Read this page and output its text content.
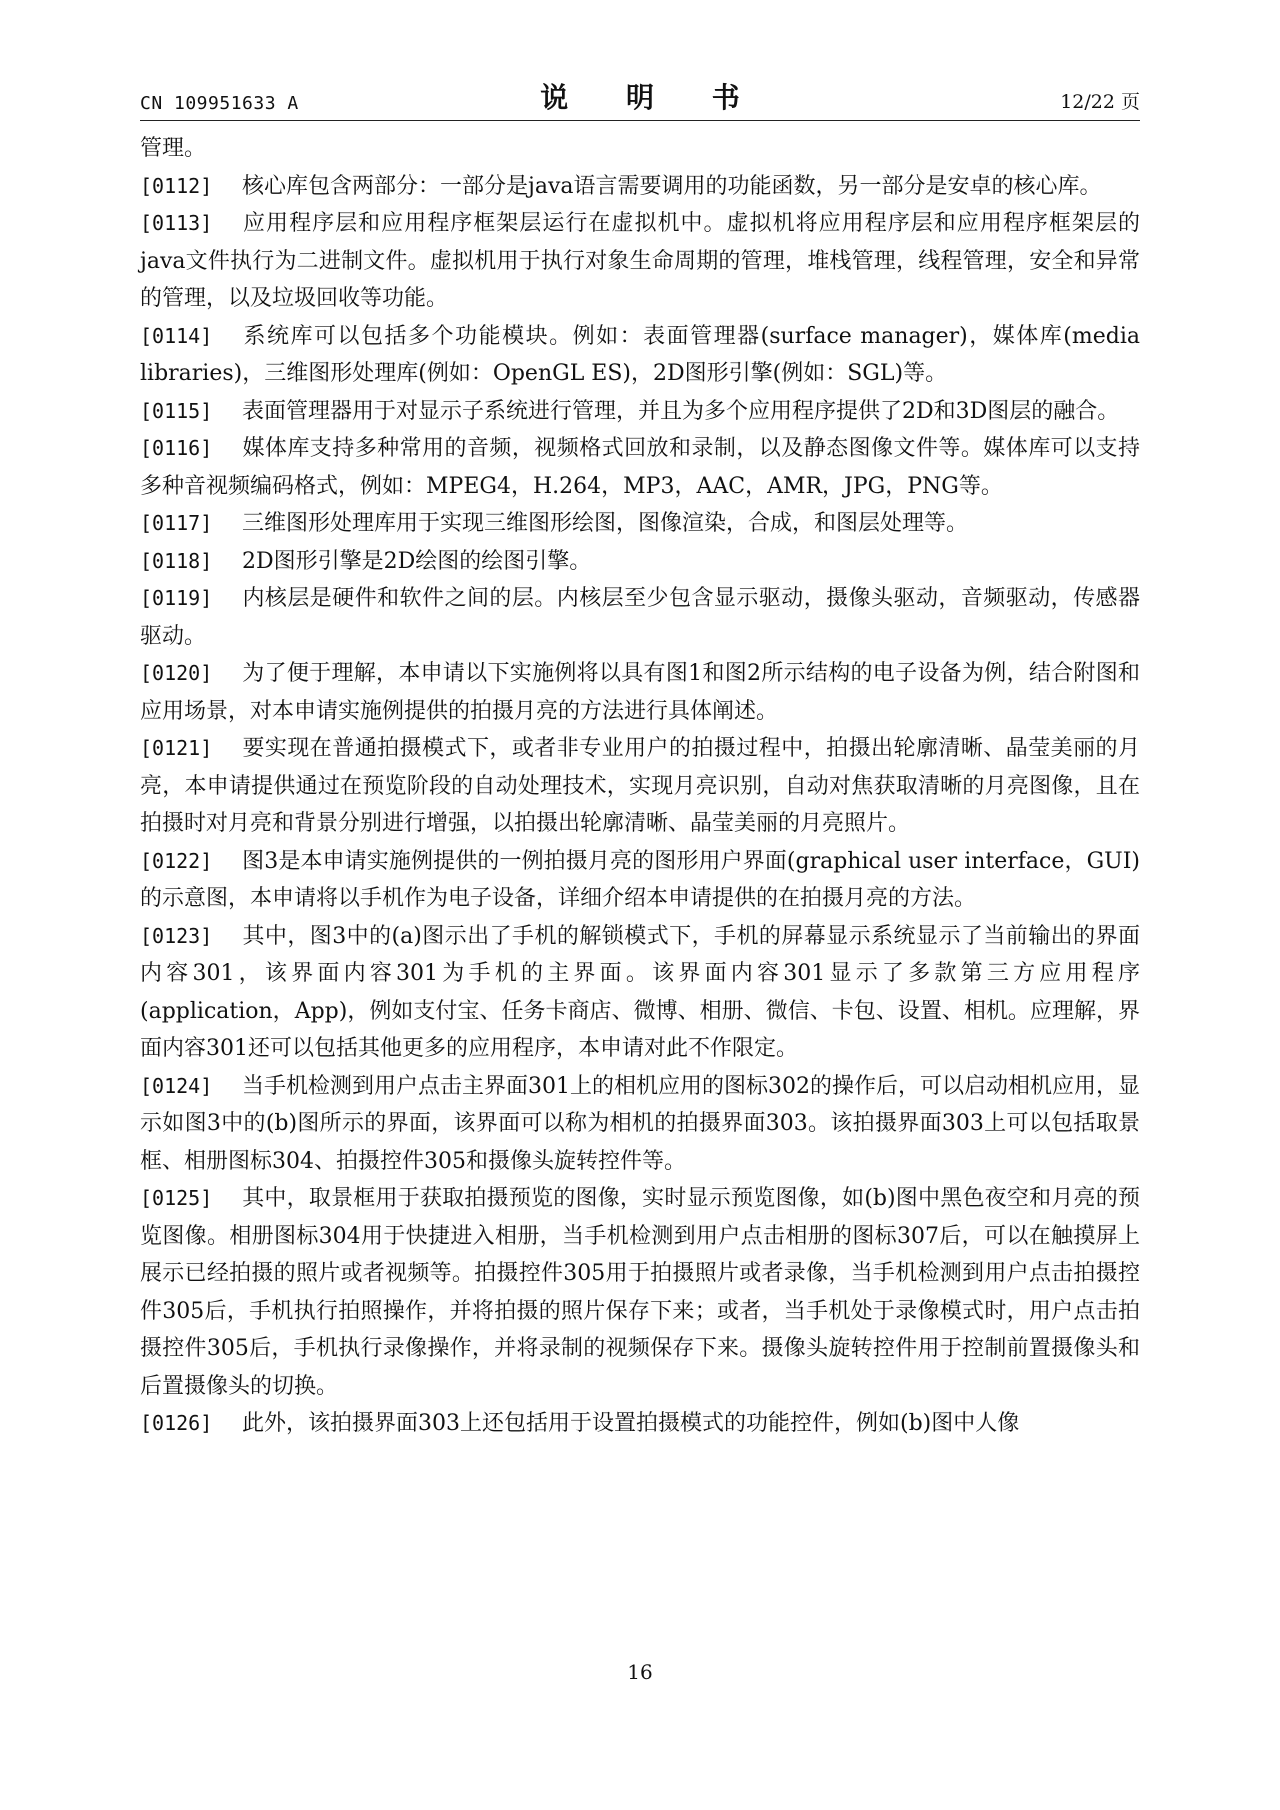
CN 109951633 A	说 明 书	12/22 页
管理。
[0112] 核心库包含两部分：一部分是java语言需要调用的功能函数，另一部分是安卓的核心库。
[0113] 应用程序层和应用程序框架层运行在虚拟机中。虚拟机将应用程序层和应用程序框架层的java文件执行为二进制文件。虚拟机用于执行对象生命周期的管理，堆栈管理，线程管理，安全和异常的管理，以及垃圾回收等功能。
[0114] 系统库可以包括多个功能模块。例如：表面管理器(surface manager)，媒体库(media libraries)，三维图形处理库(例如：OpenGL ES)，2D图形引擎(例如：SGL)等。
[0115] 表面管理器用于对显示子系统进行管理，并且为多个应用程序提供了2D和3D图层的融合。
[0116] 媒体库支持多种常用的音频，视频格式回放和录制，以及静态图像文件等。媒体库可以支持多种音视频编码格式，例如：MPEG4，H.264，MP3，AAC，AMR，JPG，PNG等。
[0117] 三维图形处理库用于实现三维图形绘图，图像渲染，合成，和图层处理等。
[0118] 2D图形引擎是2D绘图的绘图引擎。
[0119] 内核层是硬件和软件之间的层。内核层至少包含显示驱动，摄像头驱动，音频驱动，传感器驱动。
[0120] 为了便于理解，本申请以下实施例将以具有图1和图2所示结构的电子设备为例，结合附图和应用场景，对本申请实施例提供的拍摄月亮的方法进行具体阐述。
[0121] 要实现在普通拍摄模式下，或者非专业用户的拍摄过程中，拍摄出轮廓清晰、晶莹美丽的月亮，本申请提供通过在预览阶段的自动处理技术，实现月亮识别，自动对焦获取清晰的月亮图像，且在拍摄时对月亮和背景分别进行增强，以拍摄出轮廓清晰、晶莹美丽的月亮照片。
[0122] 图3是本申请实施例提供的一例拍摄月亮的图形用户界面(graphical user interface，GUI)的示意图，本申请将以手机作为电子设备，详细介绍本申请提供的在拍摄月亮的方法。
[0123] 其中，图3中的(a)图示出了手机的解锁模式下，手机的屏幕显示系统显示了当前输出的界面内容301，该界面内容301为手机的主界面。该界面内容301显示了多款第三方应用程序(application，App)，例如支付宝、任务卡商店、微博、相册、微信、卡包、设置、相机。应理解，界面内容301还可以包括其他更多的应用程序，本申请对此不作限定。
[0124] 当手机检测到用户点击主界面301上的相机应用的图标302的操作后，可以启动相机应用，显示如图3中的(b)图所示的界面，该界面可以称为相机的拍摄界面303。该拍摄界面303上可以包括取景框、相册图标304、拍摄控件305和摄像头旋转控件等。
[0125] 其中，取景框用于获取拍摄预览的图像，实时显示预览图像，如(b)图中黑色夜空和月亮的预览图像。相册图标304用于快捷进入相册，当手机检测到用户点击相册的图标307后，可以在触摸屏上展示已经拍摄的照片或者视频等。拍摄控件305用于拍摄照片或者录像，当手机检测到用户点击拍摄控件305后，手机执行拍照操作，并将拍摄的照片保存下来；或者，当手机处于录像模式时，用户点击拍摄控件305后，手机执行录像操作，并将录制的视频保存下来。摄像头旋转控件用于控制前置摄像头和后置摄像头的切换。
[0126] 此外，该拍摄界面303上还包括用于设置拍摄模式的功能控件，例如(b)图中人像
16
